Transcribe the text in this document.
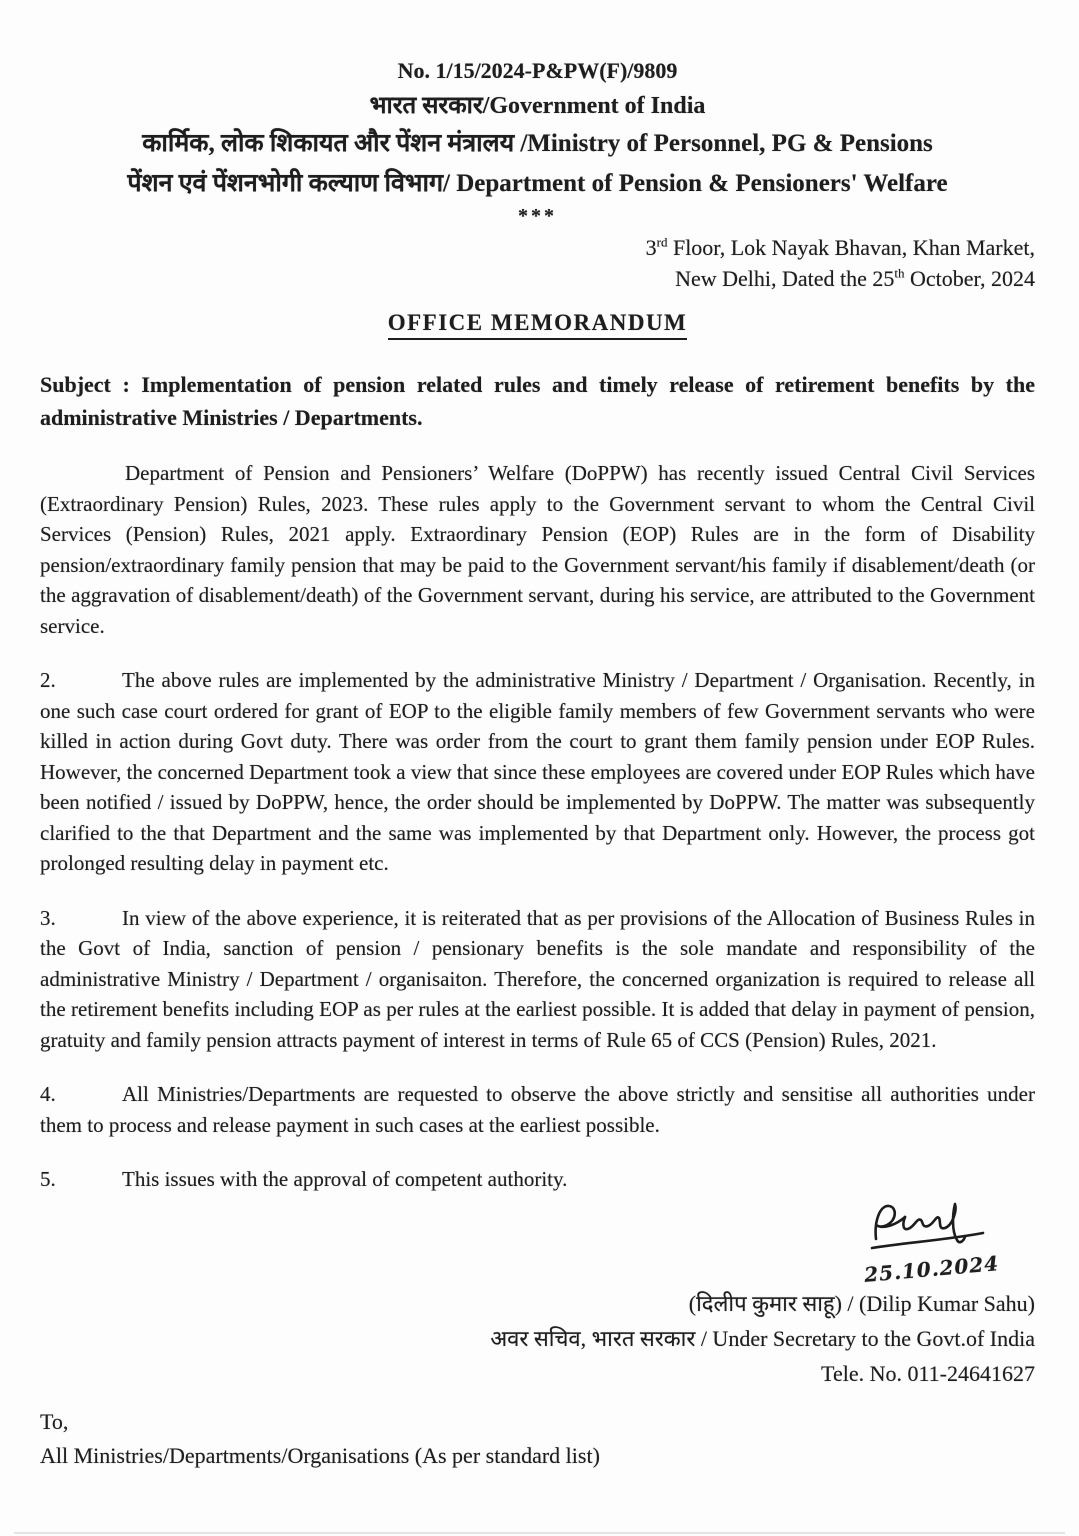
No. 1/15/2024-P&PW(F)/9809
भारत सरकार/Government of India
कार्मिक, लोक शिकायत और पेंशन मंत्रालय /Ministry of Personnel, PG & Pensions
पेंशन एवं पेंशनभोगी कल्याण विभाग/ Department of Pension & Pensioners' Welfare
***
3rd Floor, Lok Nayak Bhavan, Khan Market,
New Delhi, Dated the 25th October, 2024
OFFICE MEMORANDUM

Subject : Implementation of pension related rules and timely release of retirement benefits by the administrative Ministries / Departments.

Department of Pension and Pensioners’ Welfare (DoPPW) has recently issued Central Civil Services (Extraordinary Pension) Rules, 2023. These rules apply to the Government servant to whom the Central Civil Services (Pension) Rules, 2021 apply. Extraordinary Pension (EOP) Rules are in the form of Disability pension/extraordinary family pension that may be paid to the Government servant/his family if disablement/death (or the aggravation of disablement/death) of the Government servant, during his service, are attributed to the Government service.

2.	The above rules are implemented by the administrative Ministry / Department / Organisation. Recently, in one such case court ordered for grant of EOP to the eligible family members of few Government servants who were killed in action during Govt duty. There was order from the court to grant them family pension under EOP Rules. However, the concerned Department took a view that since these employees are covered under EOP Rules which have been notified / issued by DoPPW, hence, the order should be implemented by DoPPW. The matter was subsequently clarified to the that Department and the same was implemented by that Department only. However, the process got prolonged resulting delay in payment etc.

3.	In view of the above experience, it is reiterated that as per provisions of the Allocation of Business Rules in the Govt of India, sanction of pension / pensionary benefits is the sole mandate and responsibility of the administrative Ministry / Department / organisaiton. Therefore, the concerned organization is required to release all the retirement benefits including EOP as per rules at the earliest possible. It is added that delay in payment of pension, gratuity and family pension attracts payment of interest in terms of Rule 65 of CCS (Pension) Rules, 2021.

4.	All Ministries/Departments are requested to observe the above strictly and sensitise all authorities under them to process and release payment in such cases at the earliest possible.

5.	This issues with the approval of competent authority.

25.10.2024
(दिलीप कुमार साहू) / (Dilip Kumar Sahu)
अवर सचिव, भारत सरकार / Under Secretary to the Govt.of India
Tele. No. 011-24641627
To,
All Ministries/Departments/Organisations (As per standard list)
